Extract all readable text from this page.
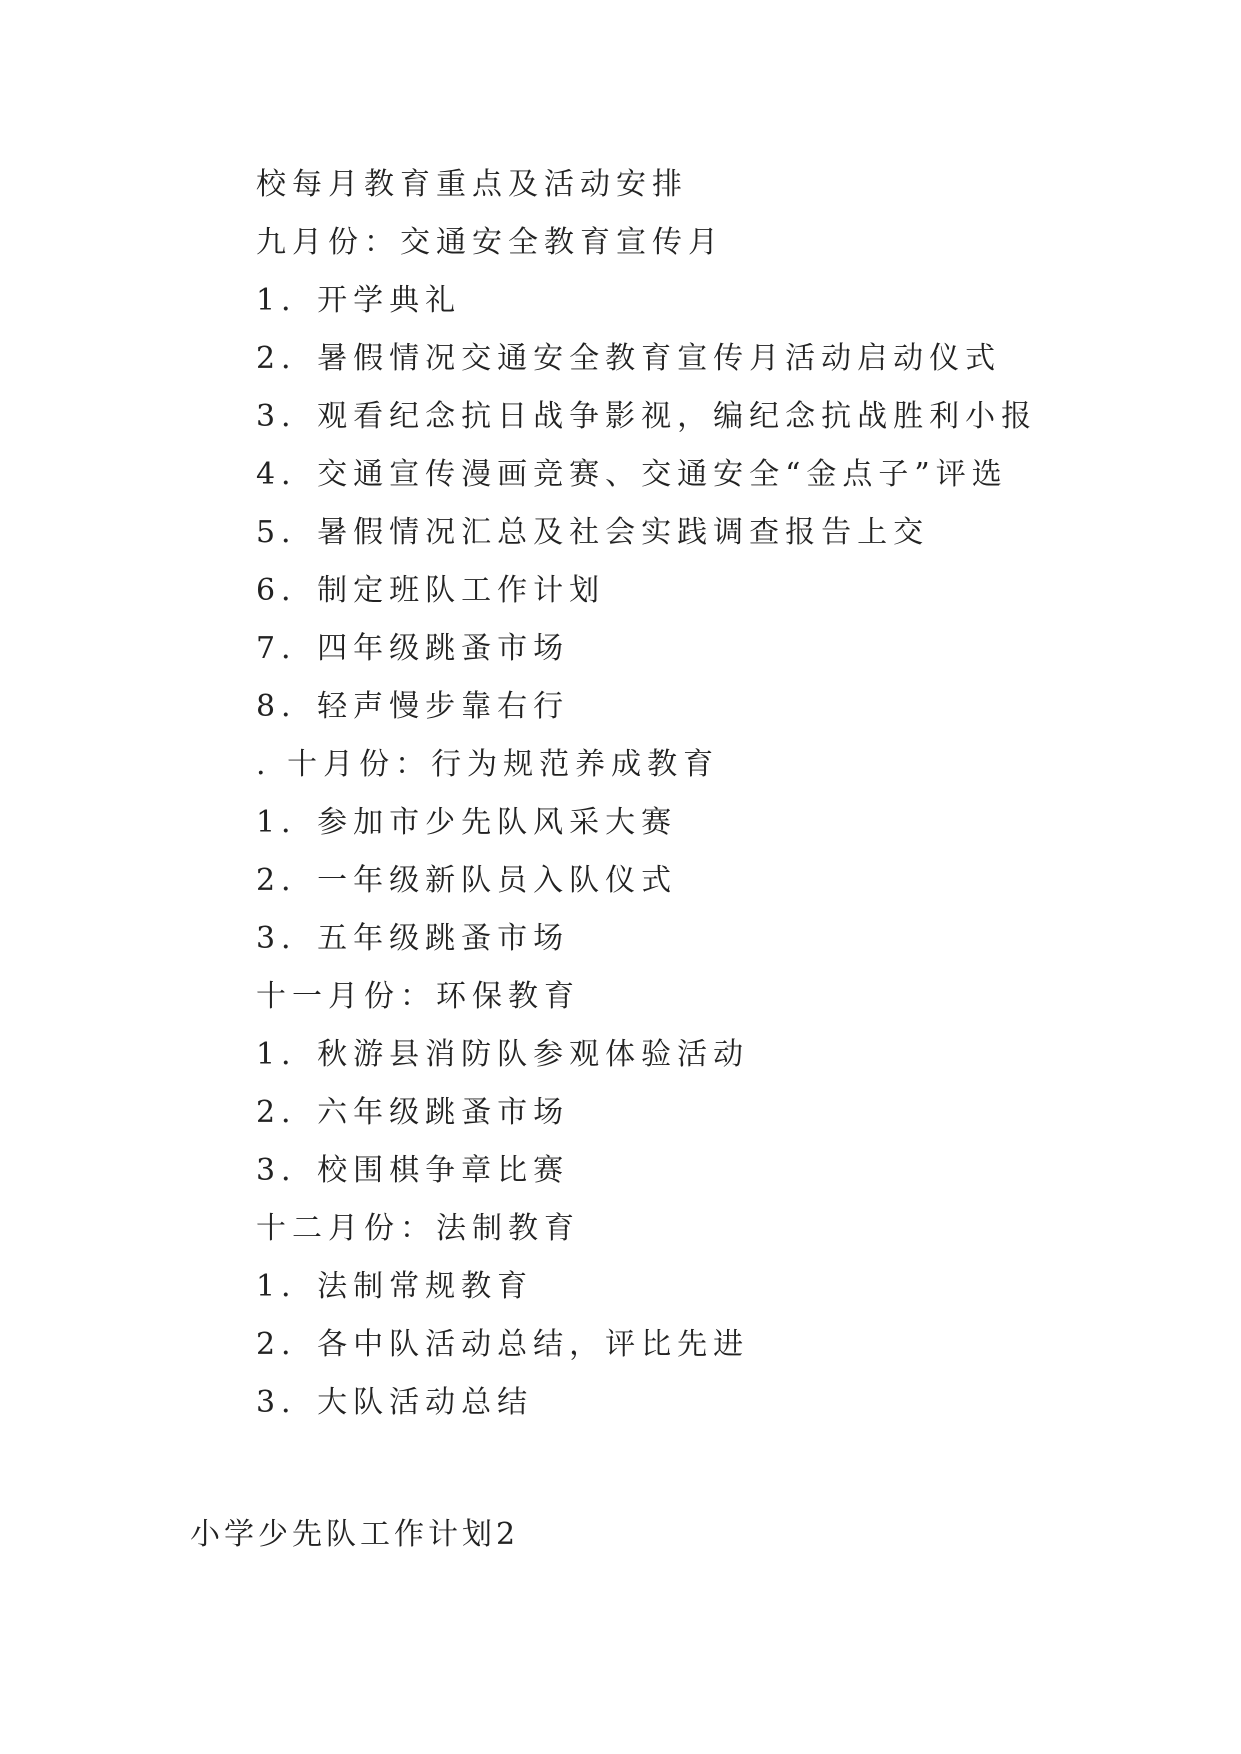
校每月教育重点及活动安排
九月份：交通安全教育宣传月
1．开学典礼
2．暑假情况交通安全教育宣传月活动启动仪式
3．观看纪念抗日战争影视，编纪念抗战胜利小报
4．交通宣传漫画竞赛、交通安全“金点子”评选
5．暑假情况汇总及社会实践调查报告上交
6．制定班队工作计划
7．四年级跳蚤市场
8．轻声慢步靠右行
. 十月份：行为规范养成教育
1．参加市少先队风采大赛
2．一年级新队员入队仪式
3．五年级跳蚤市场
十一月份：环保教育
1．秋游县消防队参观体验活动
2．六年级跳蚤市场
3．校围棋争章比赛
十二月份：法制教育
1．法制常规教育
2．各中队活动总结，评比先进
3．大队活动总结
小学少先队工作计划2
